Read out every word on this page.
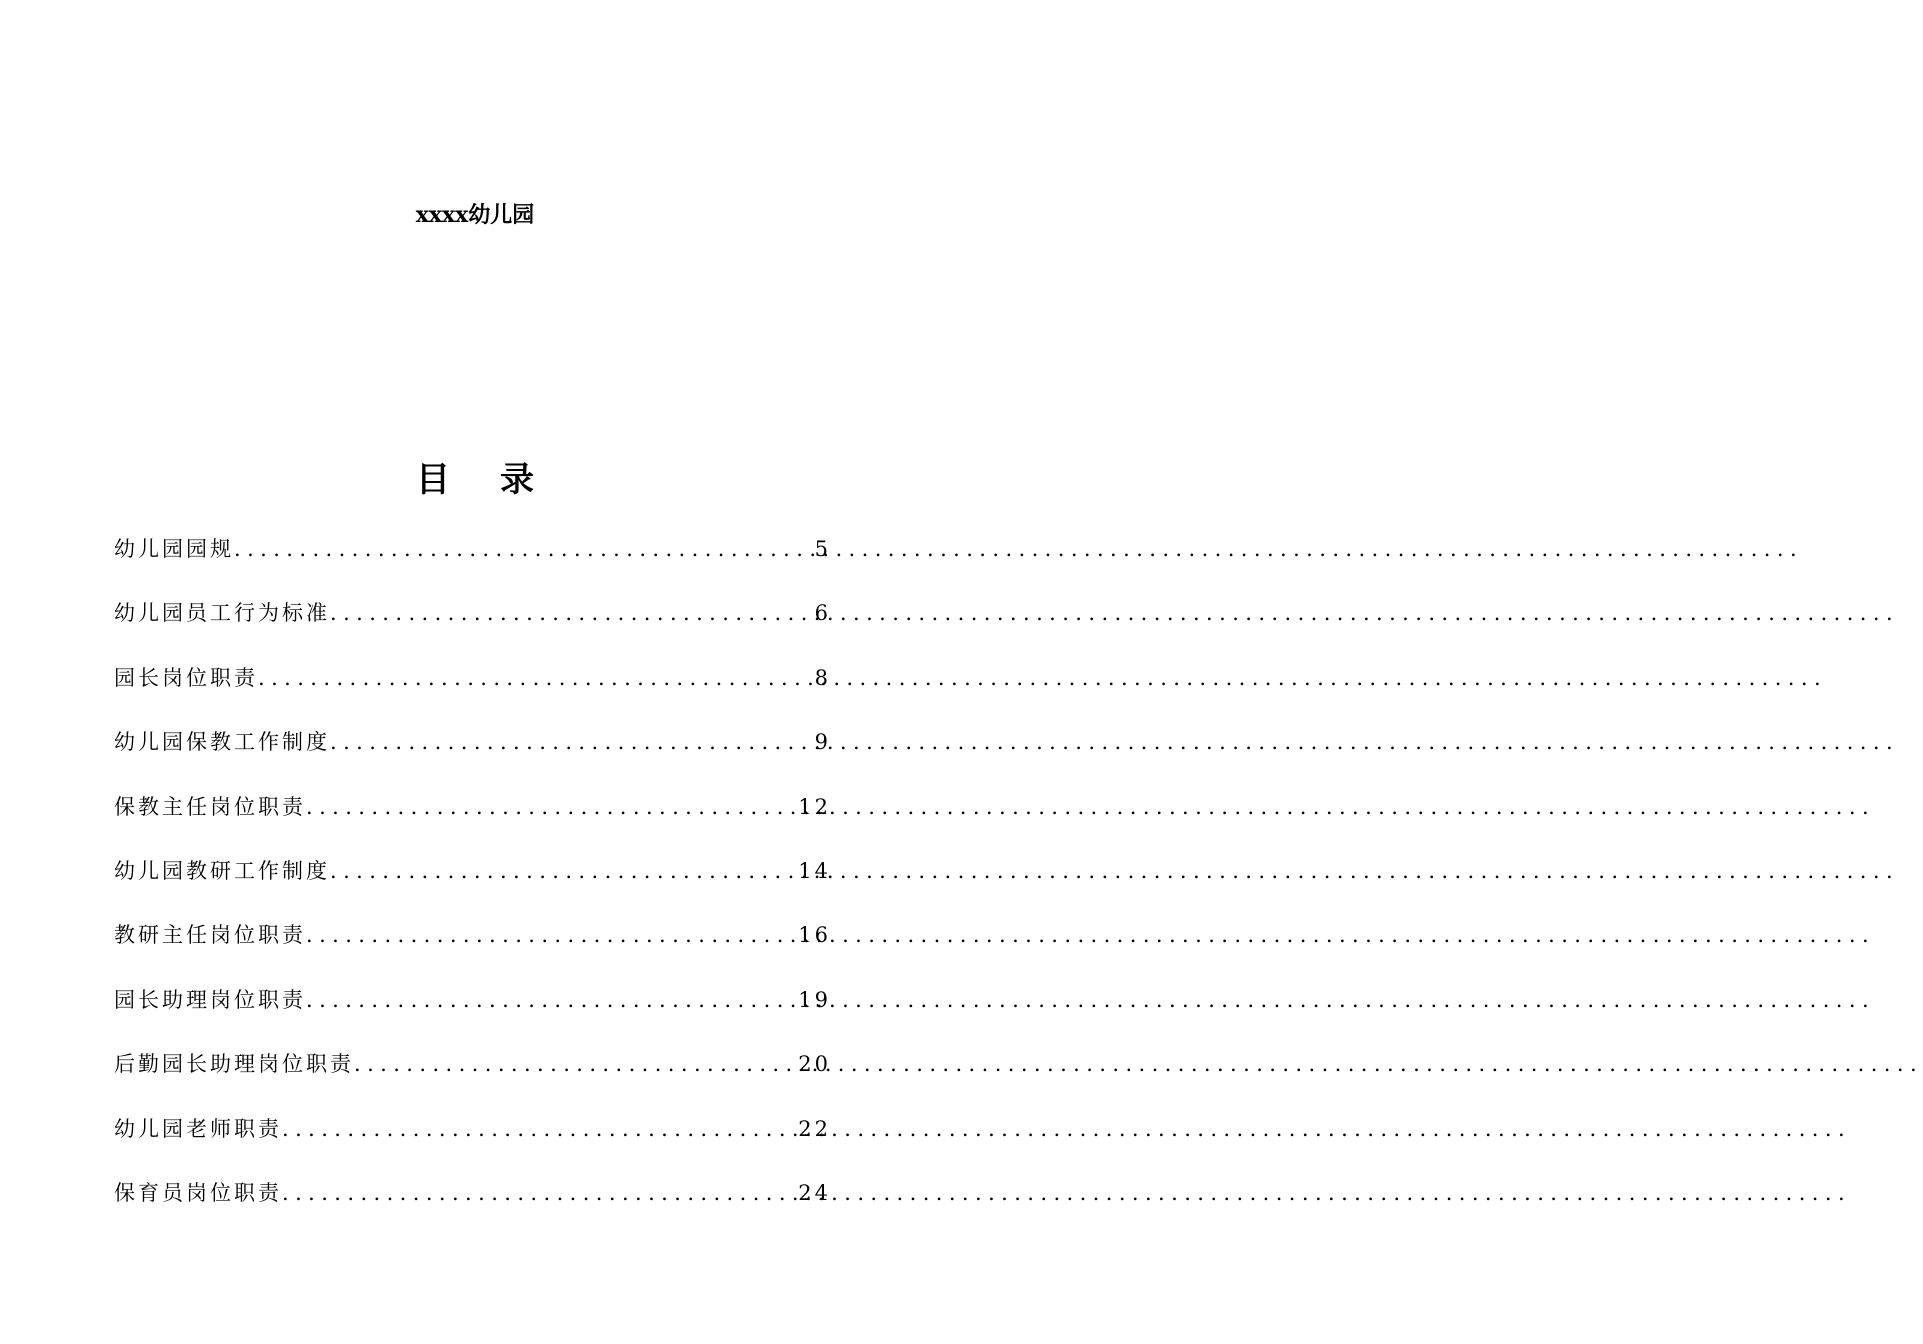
xxxx幼儿园
目 录
幼儿园园规 .....	5
幼儿园员工行为标准 .....	6
园长岗位职责 .....	8
幼儿园保教工作制度 .....	9
保教主任岗位职责 .....	12
幼儿园教研工作制度 .....	14
教研主任岗位职责 .....	16
园长助理岗位职责 .....	19
后勤园长助理岗位职责 .....	20
幼儿园老师职责 .....	22
保育员岗位职责 .....	24
